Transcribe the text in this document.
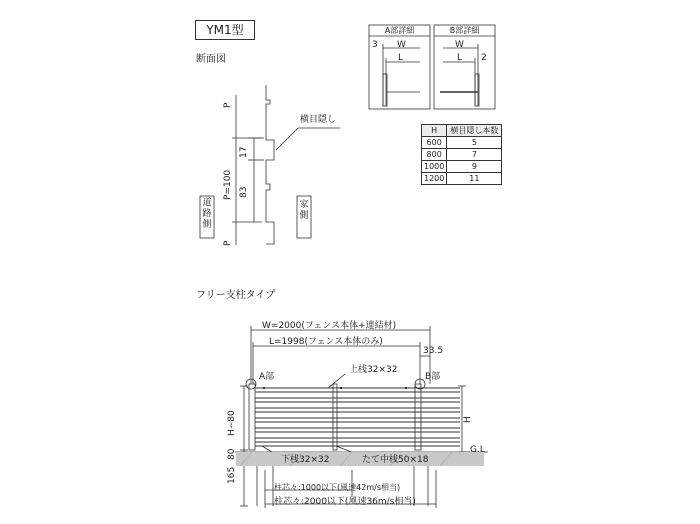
YM1型
断面図
フリー支柱タイプ
P
P=100
P
17
83
横目隠し
道路側
家側
A部詳細
3 W
L
B部詳細
W
L 2
H	横目隠し本数
600	5
800	7
1000	9
1200	11
W=2000(フェンス本体+連結材)
L=1998(フェンス本体のみ)
33.5
A部	B部
上桟32×32
下桟32×32	たて中桟50×18
H−80
80
165
H
G.L
柱芯々:1000以下(風速42m/s相当)
柱芯々:2000以下(風速36m/s相当)
